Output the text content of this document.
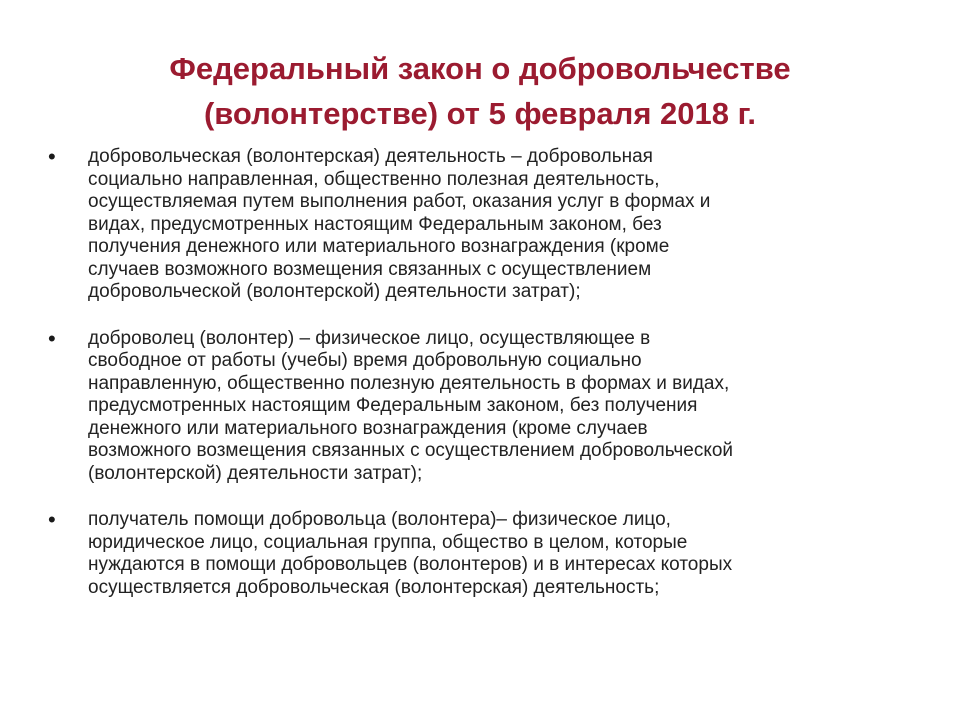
Федеральный закон о добровольчестве
(волонтерстве) от 5 февраля 2018 г.
• добровольческая (волонтерская) деятельность – добровольная
социально направленная, общественно полезная деятельность,
осуществляемая путем выполнения работ, оказания услуг в формах и
видах, предусмотренных настоящим Федеральным законом, без
получения денежного или материального вознаграждения (кроме
случаев возможного возмещения связанных с осуществлением
добровольческой (волонтерской) деятельности затрат);
• доброволец (волонтер) – физическое лицо, осуществляющее в
свободное от работы (учебы) время добровольную социально
направленную, общественно полезную деятельность в формах и видах,
предусмотренных настоящим Федеральным законом, без получения
денежного или материального вознаграждения (кроме случаев
возможного возмещения связанных с осуществлением добровольческой
(волонтерской) деятельности затрат);
• получатель помощи добровольца (волонтера)– физическое лицо,
юридическое лицо, социальная группа, общество в целом, которые
нуждаются в помощи добровольцев (волонтеров) и в интересах которых
осуществляется добровольческая (волонтерская) деятельность;
